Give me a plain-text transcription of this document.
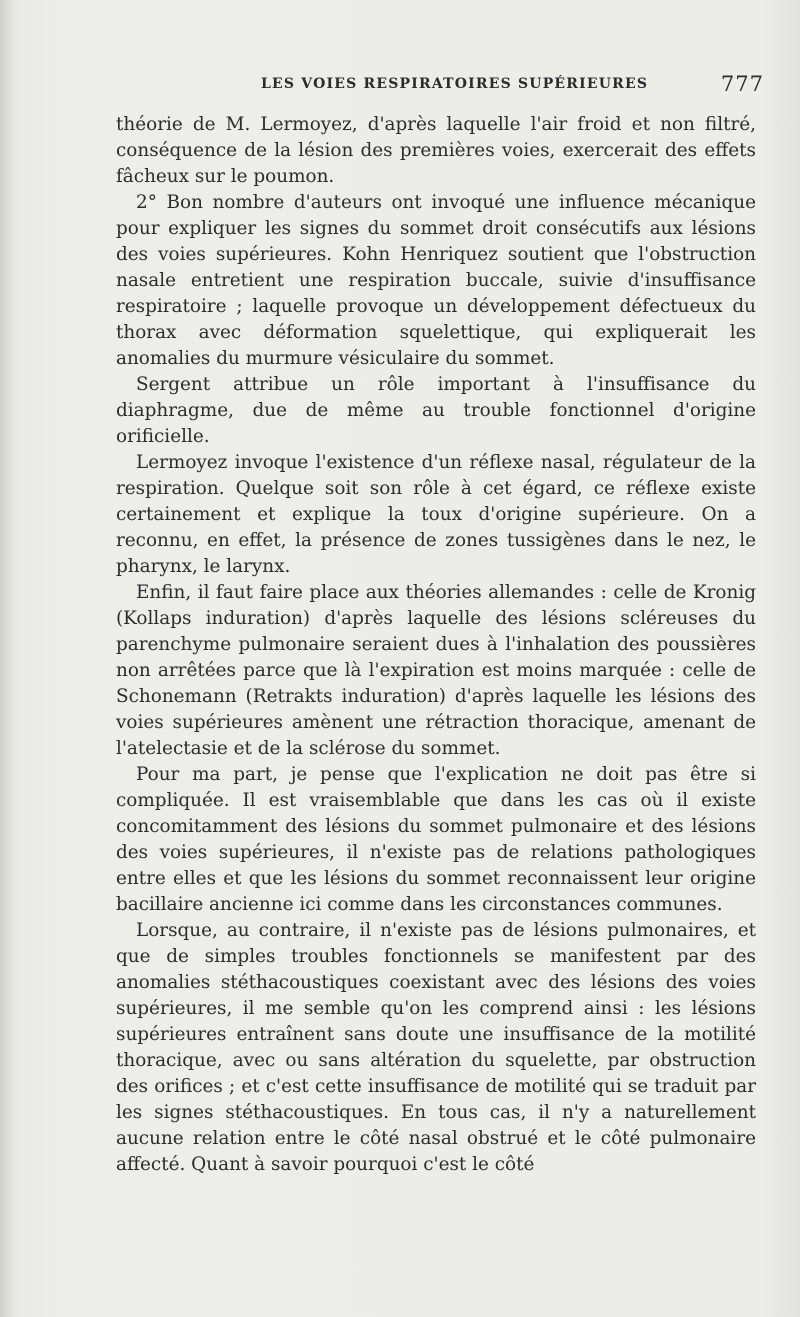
LES VOIES RESPIRATOIRES SUPÉRIEURES	777

théorie de M. Lermoyez, d'après laquelle l'air froid et non filtré, conséquence de la lésion des premières voies, exercerait des effets fâcheux sur le poumon.

2° Bon nombre d'auteurs ont invoqué une influence mécanique pour expliquer les signes du sommet droit consécutifs aux lésions des voies supérieures. Kohn Henriquez soutient que l'obstruction nasale entretient une respiration buccale, suivie d'insuffisance respiratoire ; laquelle provoque un développement défectueux du thorax avec déformation squelettique, qui expliquerait les anomalies du murmure vésiculaire du sommet.

Sergent attribue un rôle important à l'insuffisance du diaphragme, due de même au trouble fonctionnel d'origine orificielle.

Lermoyez invoque l'existence d'un réflexe nasal, régulateur de la respiration. Quelque soit son rôle à cet égard, ce réflexe existe certainement et explique la toux d'origine supérieure. On a reconnu, en effet, la présence de zones tussigènes dans le nez, le pharynx, le larynx.

Enfin, il faut faire place aux théories allemandes : celle de Kronig (Kollaps induration) d'après laquelle des lésions scléreuses du parenchyme pulmonaire seraient dues à l'inhalation des poussières non arrêtées parce que là l'expiration est moins marquée : celle de Schonemann (Retrakts induration) d'après laquelle les lésions des voies supérieures amènent une rétraction thoracique, amenant de l'atelectasie et de la sclérose du sommet.

Pour ma part, je pense que l'explication ne doit pas être si compliquée. Il est vraisemblable que dans les cas où il existe concomitamment des lésions du sommet pulmonaire et des lésions des voies supérieures, il n'existe pas de relations pathologiques entre elles et que les lésions du sommet reconnaissent leur origine bacillaire ancienne ici comme dans les circonstances communes.

Lorsque, au contraire, il n'existe pas de lésions pulmonaires, et que de simples troubles fonctionnels se manifestent par des anomalies stéthacoustiques coexistant avec des lésions des voies supérieures, il me semble qu'on les comprend ainsi : les lésions supérieures entraînent sans doute une insuffisance de la motilité thoracique, avec ou sans altération du squelette, par obstruction des orifices ; et c'est cette insuffisance de motilité qui se traduit par les signes stéthacoustiques. En tous cas, il n'y a naturellement aucune relation entre le côté nasal obstrué et le côté pulmonaire affecté. Quant à savoir pourquoi c'est le côté
